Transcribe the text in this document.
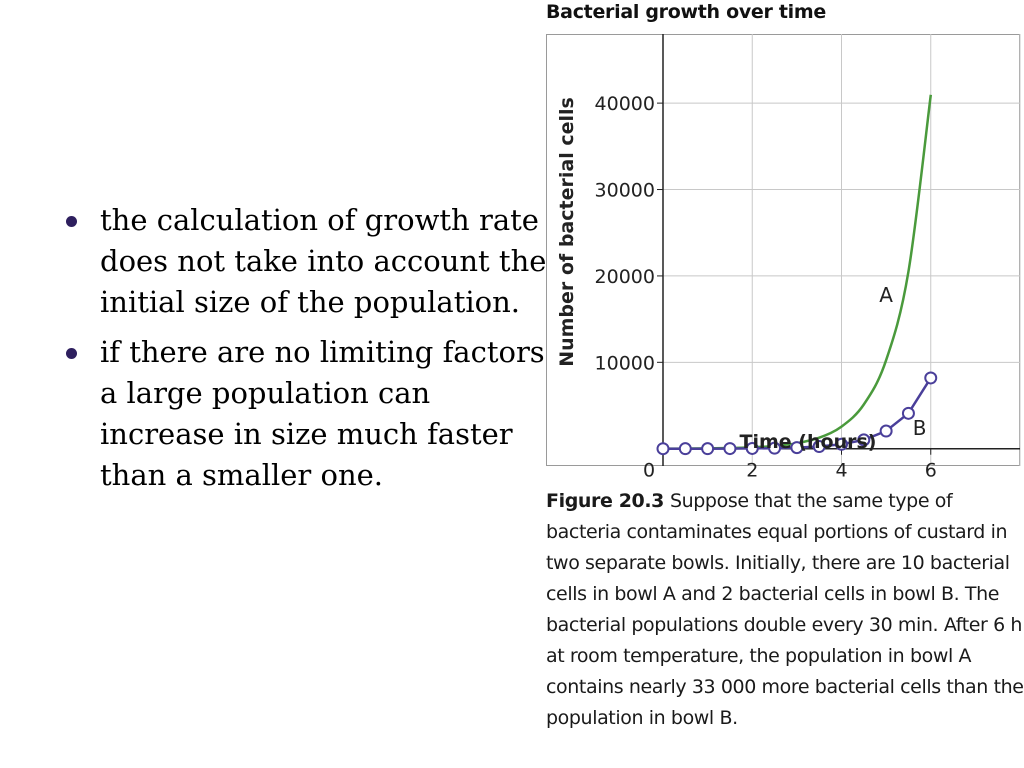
the calculation of growth rate does not take into account the initial size of the population.
if there are no limiting factors a large population can increase in size much faster than a smaller one.
Bacterial growth over time
10000
20000
30000
40000
0	2	4	6
A
B
Time (hours)
Number of bacterial cells
Figure 20.3 Suppose that the same type of bacteria contaminates equal portions of custard in two separate bowls. Initially, there are 10 bacterial cells in bowl A and 2 bacterial cells in bowl B. The bacterial populations double every 30 min. After 6 h at room temperature, the population in bowl A contains nearly 33 000 more bacterial cells than the population in bowl B.
